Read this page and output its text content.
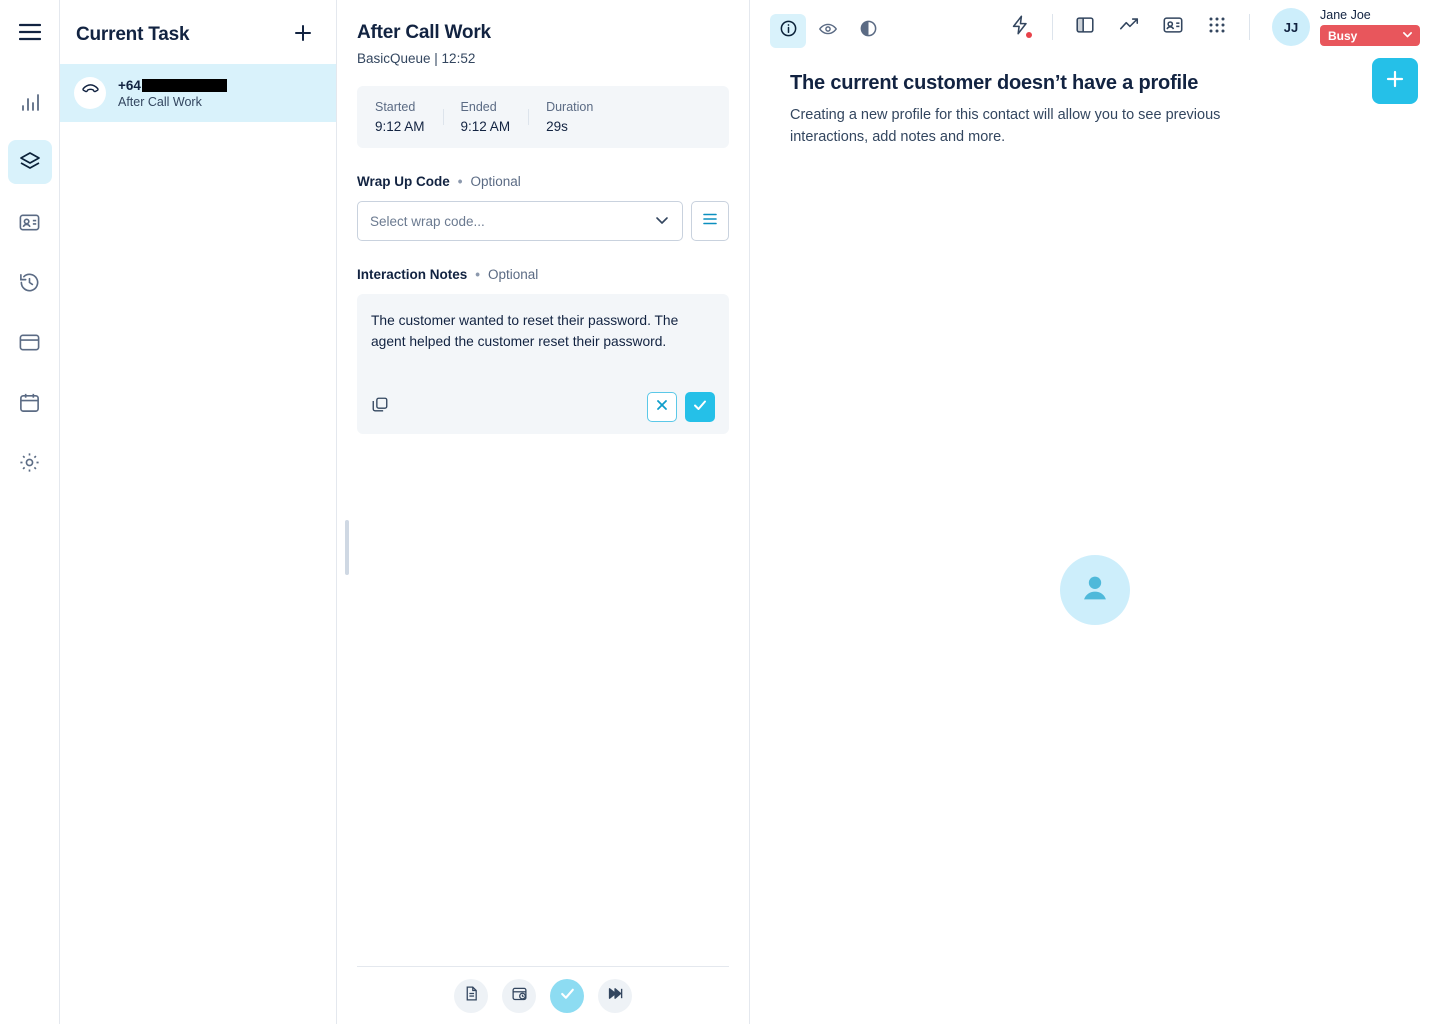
Current Task
+64
After Call Work
After Call Work
BasicQueue | 12:52
Started
9:12 AM
Ended
9:12 AM
Duration
29s
Wrap Up Code • Optional
Select wrap code...
Interaction Notes • Optional
The customer wanted to reset their password. The agent helped the customer reset their password.
The current customer doesn’t have a profile
Creating a new profile for this contact will allow you to see previous interactions, add notes and more.
JJ
Jane Joe
Busy
